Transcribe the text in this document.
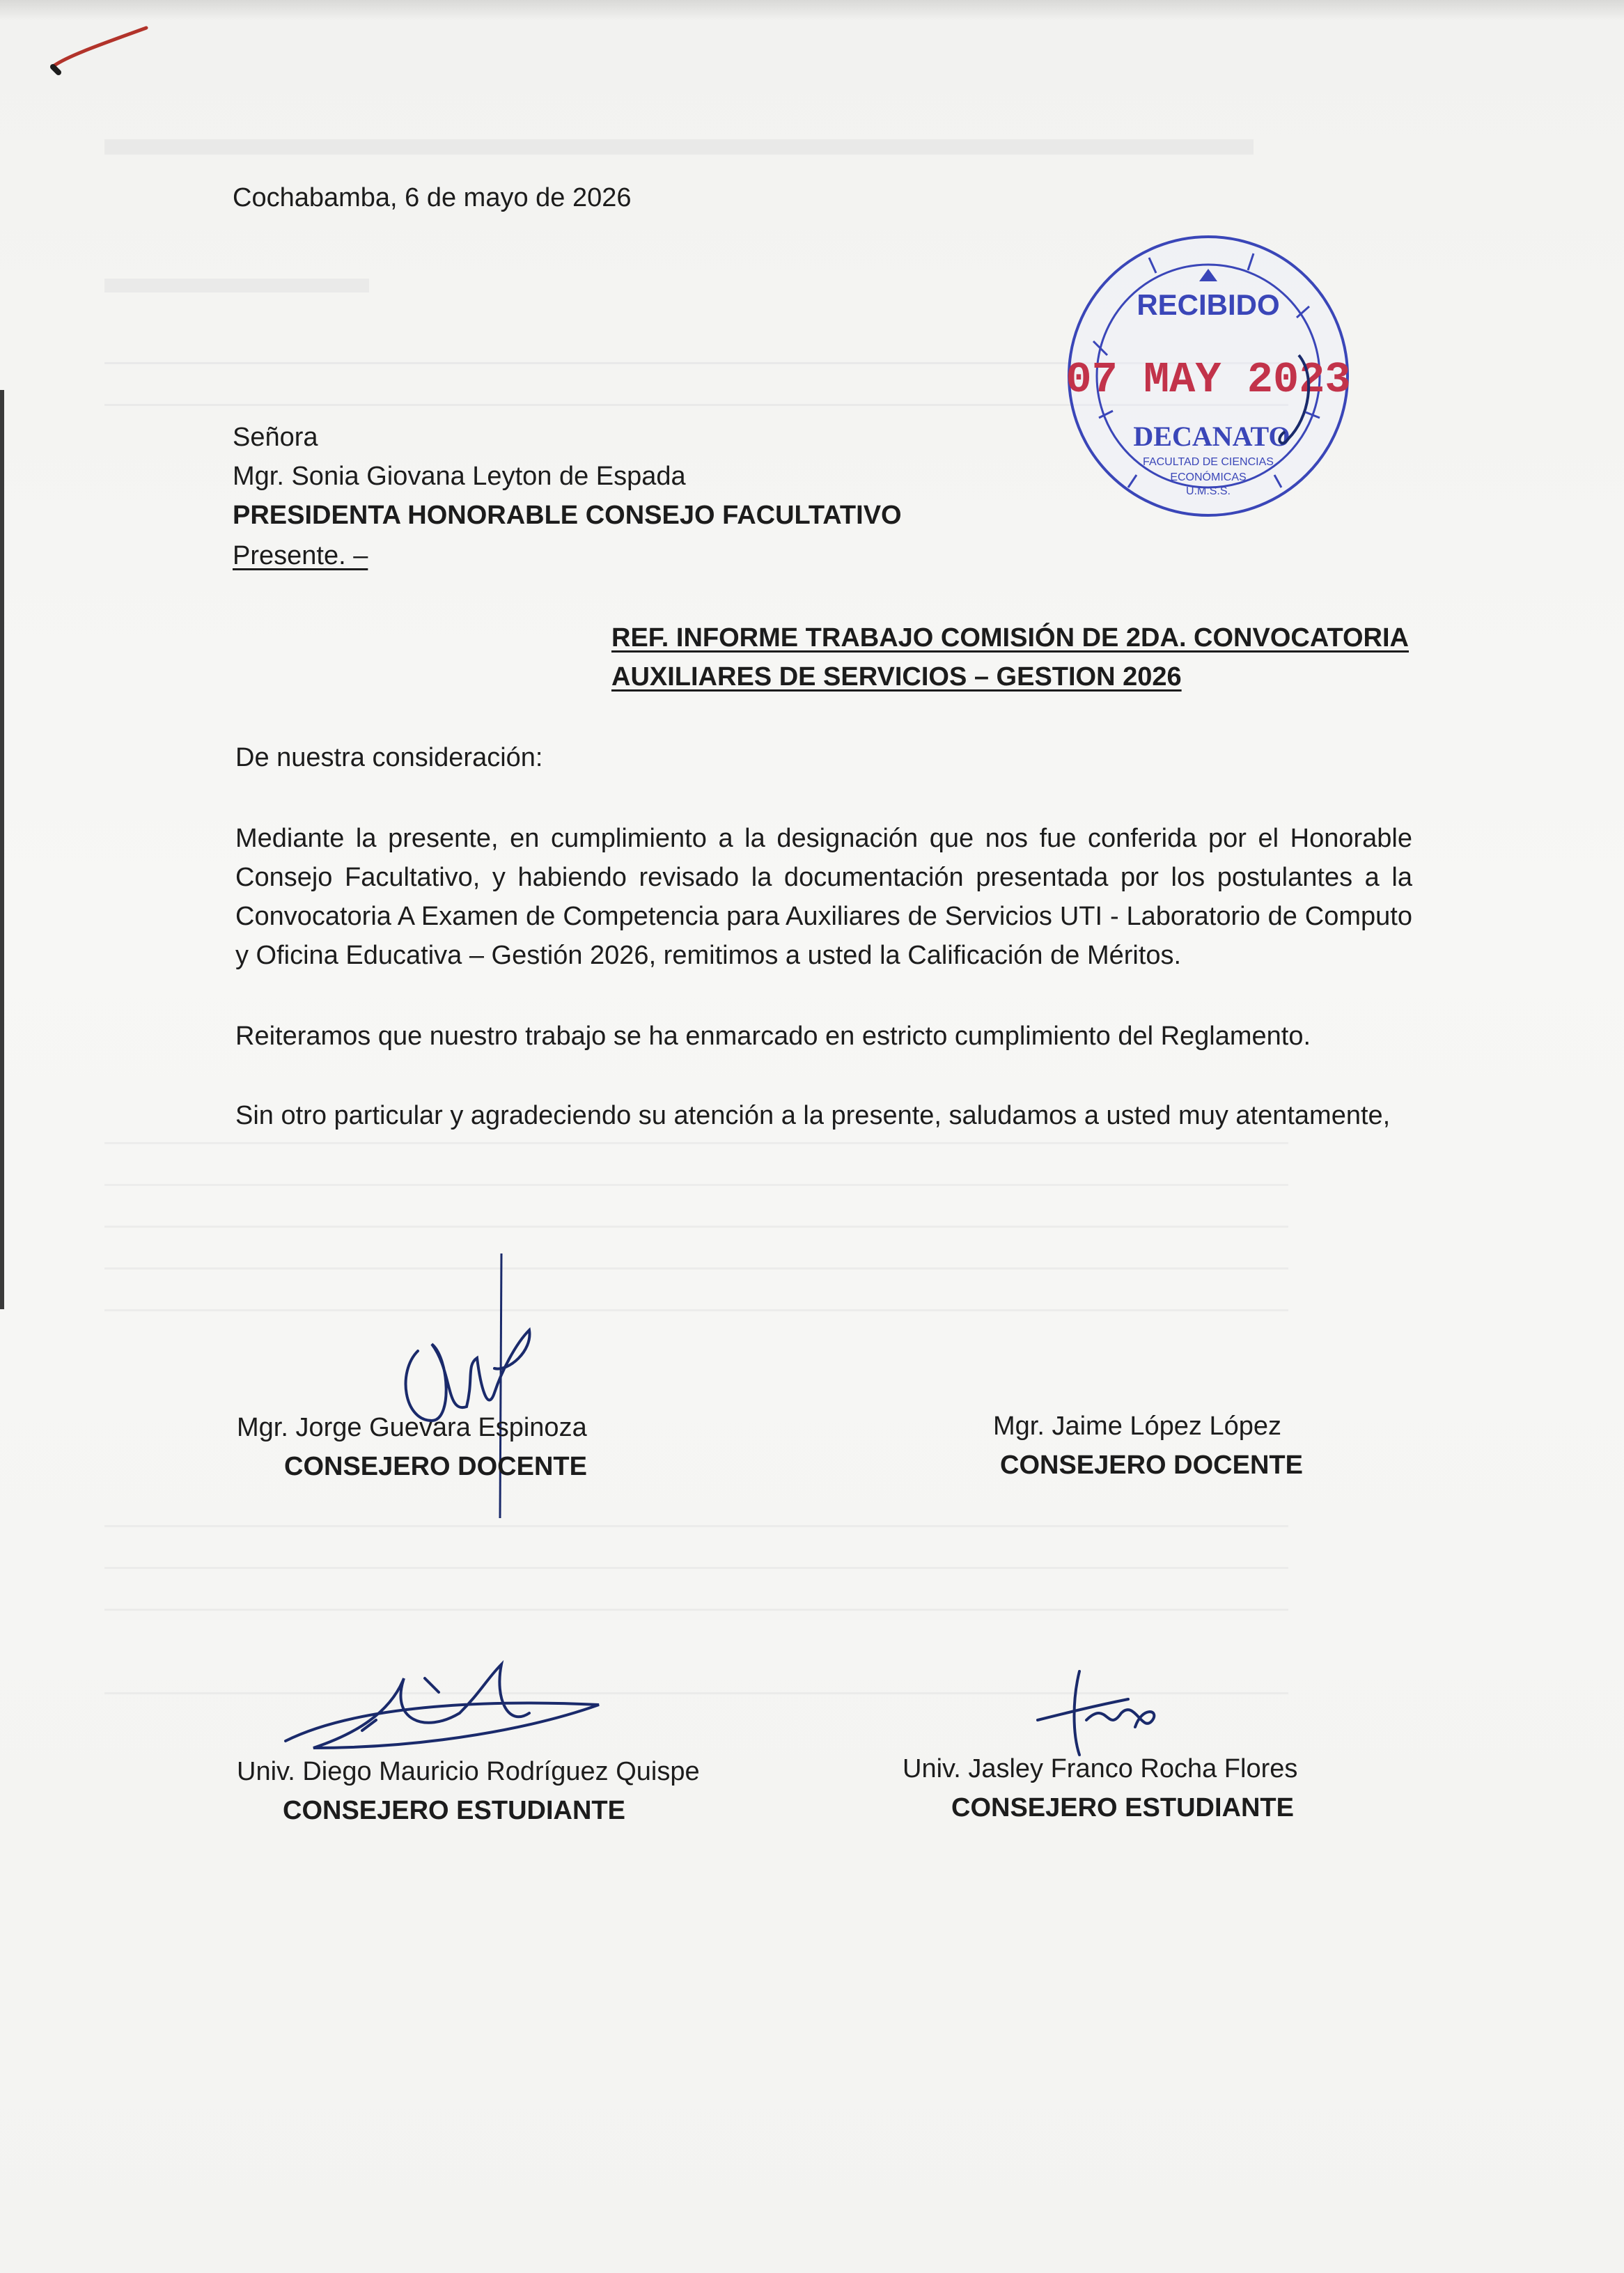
Cochabamba, 6 de mayo de 2026
Señora
Mgr. Sonia Giovana Leyton de Espada
PRESIDENTA HONORABLE CONSEJO FACULTATIVO
Presente. –
REF. INFORME TRABAJO COMISIÓN DE 2DA. CONVOCATORIA
AUXILIARES DE SERVICIOS – GESTION 2026
De nuestra consideración:
Mediante la presente, en cumplimiento a la designación que nos fue conferida por el Honorable Consejo Facultativo, y habiendo revisado la documentación presentada por los postulantes a la Convocatoria A Examen de Competencia para Auxiliares de Servicios UTI - Laboratorio de Computo y Oficina Educativa – Gestión 2026, remitimos a usted la Calificación de Méritos.
Reiteramos que nuestro trabajo se ha enmarcado en estricto cumplimiento del Reglamento.
Sin otro particular y agradeciendo su atención a la presente, saludamos a usted muy atentamente,
RECIBIDO
07 MAY 2023
DECANATO
FACULTAD DE CIENCIAS
ECONÓMICAS
U.M.S.S.
Mgr. Jorge Guevara Espinoza
CONSEJERO DOCENTE
Mgr. Jaime López López
CONSEJERO DOCENTE
Univ. Diego Mauricio Rodríguez Quispe
CONSEJERO ESTUDIANTE
Univ. Jasley Franco Rocha Flores
CONSEJERO ESTUDIANTE
